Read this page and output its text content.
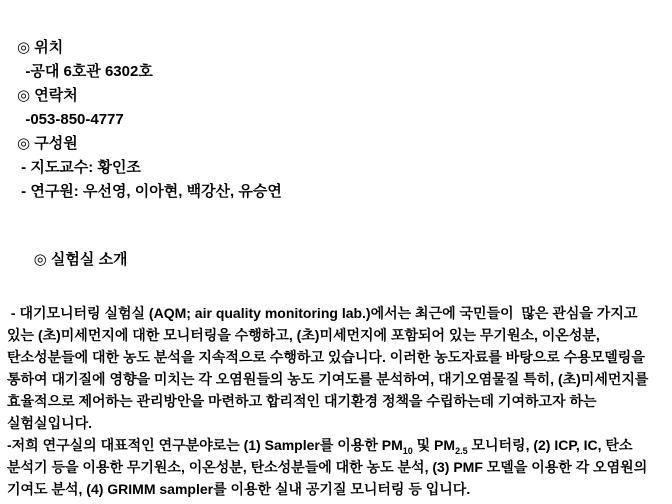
◎ 위치
-공대 6호관 6302호
◎ 연락처
-053-850-4777
◎ 구성원
- 지도교수: 황인조
- 연구원: 우선영, 이아현, 백강산, 유승연

◎ 실험실 소개

- 대기모니터링 실험실 (AQM; air quality monitoring lab.)에서는 최근에 국민들이  많은 관심을 가지고
있는 (초)미세먼지에 대한 모니터링을 수행하고, (초)미세먼지에 포함되어 있는 무기원소, 이온성분,
탄소성분들에 대한 농도 분석을 지속적으로 수행하고 있습니다. 이러한 농도자료를 바탕으로 수용모델링을
통하여 대기질에 영향을 미치는 각 오염원들의 농도 기여도를 분석하여, 대기오염물질 특히, (초)미세먼지를
효율적으로 제어하는 관리방안을 마련하고 합리적인 대기환경 정책을 수립하는데 기여하고자 하는
실험실입니다.
-저희 연구실의 대표적인 연구분야로는 (1) Sampler를 이용한 $PM_{10}$ 및 $PM_{2.5}$ 모니터링, (2) ICP, IC, 탄소
분석기 등을 이용한 무기원소, 이온성분, 탄소성분들에 대한 농도 분석, (3) PMF 모델을 이용한 각 오염원의
기여도 분석, (4) GRIMM sampler를 이용한 실내 공기질 모니터링 등 입니다.
